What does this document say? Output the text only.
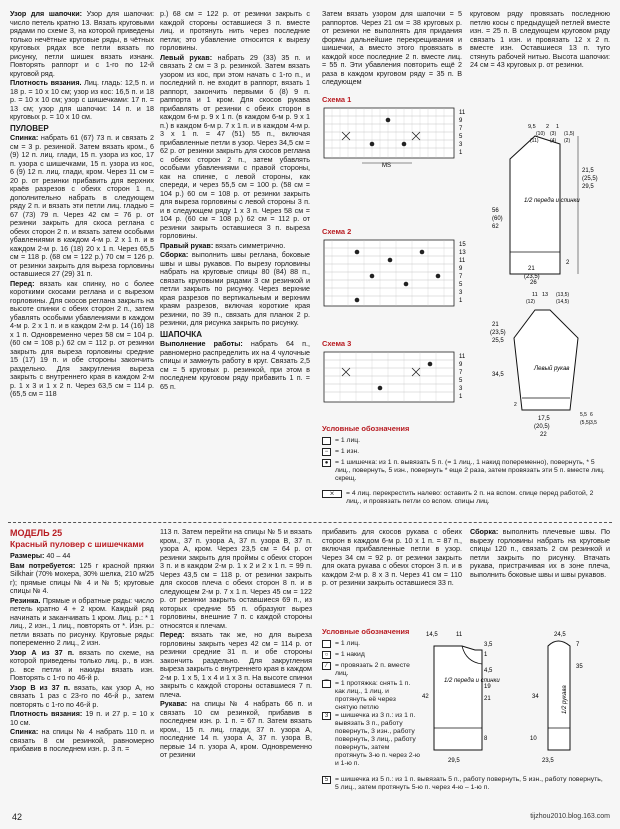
Узор для шапочки: Узор для шапочки: число петель кратно 13. Вязать круговыми рядами по схеме 3, на которой приведены только нечётные круговые ряды, в чётных круговых рядах все петли вязать по рисунку, петли шишек вязать изнанк. Повторять раппорт и с 1-го по 12-й круговой ряд.

Плотность вязания. Лиц. гладь: 12,5 п. и 18 р. = 10 х 10 см; узор из кос: 16,5 п. и 18 р. = 10 х 10 см; узор с шишечками: 17 п. = 13 см; узор для шапочки: 14 п. и 18 круговых р. = 10 х 10 см.

ПУЛОВЕР

Спинка: набрать 61 (67) 73 п. и связать 2 см = 3 р. резинкой. Затем вязать кром., 6 (9) 12 п. лиц. глади, 15 п. узора из кос, 17 п. узора с шишечками, 15 п. узора из кос, 6 (9) 12 п. лиц. глади, кром. Через 11 см = 20 р. от резинки прибавить для верхних краёв разрезов с обеих сторон 1 п., дополнительно набрать в следующем ряду 2 п. и вязать эти петли лиц. гладью = 67 (73) 79 п. Через 42 см = 76 р. от резинки закрыть для скоса реглана с обеих сторон 2 п. и вязать затем особыми убавлениями в каждом 4-м р. 2 х 1 п. и в каждом 2-м р. 16 (18) 20 х 1 п. Через 65,5 см = 118 р. (68 см = 122 р.) 70 см = 126 р. от резинки закрыть для выреза горловины оставшиеся 27 (29) 31 п.

Перед: вязать как спинку, но с более короткими скосами реглана и с вырезом горловины. Для скосов реглана закрыть на высоте спинки с обеих сторон 2 п., затем убавлять особыми убавлениями в каждом 4-м р. 2 х 1 п. и в каждом 2-м р. 14 (16) 18 х 1 п. Одновременно через 58 см = 104 р. (60 см = 108 р.) 62 см = 112 р. от резинки закрыть для выреза горловины средние 15 (17) 19 п. и обе стороны закончить раздельно. Для закругления выреза закрыть с внутреннего края в каждом 2-м р. 1 х 3 и 1 х 2 п. Через 63,5 см = 114 р. (65,5 см = 118

р.) 68 см = 122 р. от резинки закрыть с каждой стороны оставшиеся 3 п. вместе лиц. и протянуть нить через последние петли; это убавление относится к вырезу горловины.

Левый рукав: набрать 29 (33) 35 п. и связать 2 см = 3 р. резинкой. Затем вязать узором из кос, при этом начать с 1-го п., и последний п. не входит в раппорт, вязать 1 раппорт, закончить первыми 6 (8) 9 п. раппорта и 1 кром. Для скосов рукава прибавлять от резинки с обеих сторон в каждом 6-м р. 9 х 1 п. (в каждом 6-м р. 9 х 1 п.) в каждом 6-м р. 7 х 1 п. и в каждом 4-м р. 3 х 1 п. = 47 (51) 55 п., включая прибавленные петли в узор. Через 34,5 см = 62 р. от резинки закрыть для скосов реглана с обеих сторон 2 п., затем убавлять особыми убавлениями с правой стороны, как на спинке, с левой стороны, как спереди, и через 55,5 см = 100 р. (58 см = 104 р.) 60 см = 108 р. от резинки закрыть для выреза горловины с левой стороны 3 п. и в следующем ряду 1 х 3 п. Через 58 см = 104 р. (60 см = 108 р.) 62 см = 112 р. от резинки закрыть оставшиеся 3 п. выреза горловины.

Правый рукав: вязать симметрично.

Сборка: выполнить швы реглана, боковые швы и швы рукавов. По вырезу горловины набрать на круговые спицы 80 (84) 88 п., связать круговыми рядами 3 см резинкой и петли закрыть по рисунку. Через верхние края разрезов по вертикальным и верхним краям разрезов, включая короткие края резинки, по 39 п., связать для планок 2 р. резинки, для рисунка закрыть по рисунку.

ШАПОЧКА

Выполнение работы: набрать 64 п., равномерно распределить их на 4 чулочные спицы и замкнуть работу в круг. Связать 2,5 см = 5 круговых р. резинкой, при этом в последнем круговом ряду прибавить 1 п. = 65 п.

Затем вязать узором для шапочки = 5 раппортов. Через 21 см = 38 круговых р. от резинки не выполнять для придания формы дальнейшие перекрещивания и шишечки, а вместо этого провязать в каждой косе последние 2 п. вместе лиц. = 55 п. Эти убавления повторить ещё 2 раза в каждом круговом ряду = 35 п. В следующем

круговом ряду провязать последнюю петлю косы с предыдущей петлей вместе изн. = 25 п. В следующем круговом ряду связать 1 изн. и провязать 12 х 2 п. вместе изн. Оставшиеся 13 п. туго стянуть рабочей нитью. Высота шапочки: 24 см = 43 круговых р. от резинки.

Схема 1
MS
11
9
7
5
3
1
Схема 2
15
13
11
9
7
5
3
1
Схема 3
11
9
7
5
3
1
Условные обозначения
= 1 лиц.
− = 1 изн.
● = 1 шишечка: из 1 п. вывязать 5 п. (= 1 лиц., 1 накид попеременно), повернуть, * 5 лиц., повернуть, 5 изн., повернуть * еще 2 раза, затем провязать эти 5 п. вместе лиц. скрещ.
⨯	= 4 лиц. перекрестить налево: оставить 2 п. на вспом. спице перед работой, 2 лиц., и провязать петли со вспом. спицы лиц.
1/2 переда и спинки
9,5 2 1
(10) (3) (1,5)
(11) (4) (2)
21,5
(25,5)
29,5
56
(60)
62
2
21
(23,5)
26
Левый рукав
11
(12)
13 (13,5)
(14,5)
21
(23,5)
25,5
34,5
17,5
(20,5)
22
2
5,5
(5,5)
6
3,5

МОДЕЛЬ 25

Красный пуловер с шишечками

Размеры: 40 – 44

Вам потребуется: 125 г красной пряжи Silkhair (70% мохера, 30% шелка, 210 м/25 г); прямые спицы № 4 и № 5; круговые спицы № 4.

Резинка. Прямые и обратные ряды: число петель кратно 4 + 2 кром. Каждый ряд начинать и заканчивать 1 кром. Лиц. р.: * 1 лиц., 2 изн., 1 лиц., повторять от *. Изн. р.: петли вязать по рисунку. Круговые ряды: попеременно 2 лиц., 2 изн.

Узор А из 37 п. вязать по схеме, на которой приведены только лиц. р., в изн. р. все петли и накиды вязать изн. Повторять с 1-го по 46-й р.

Узор В из 37 п. вязать, как узор А, но связать 1 раз с 23-го по 46-й р., затем повторять с 1-го по 46-й р.

Плотность вязания: 19 п. и 27 р. = 10 х 10 см.

Спинка: на спицы № 4 набрать 110 п. и связать 8 см резинкой, равномерно прибавив в последнем изн. р. 3 п. =

113 п. Затем перейти на спицы № 5 и вязать кром., 37 п. узора А, 37 п. узора В, 37 п. узора А, кром. Через 23,5 см = 64 р. от резинки закрыть для проймы с обеих сторон 3 п. и в каждом 2-м р. 1 х 2 и 2 х 1 п. = 99 п. Через 43,5 см = 118 р. от резинки закрыть для скосов плеча с обеих сторон 8 п. и в следующем 2-м р. 7 х 1 п. Через 45 см = 122 р. от резинки закрыть оставшиеся 69 п., из которых средние 55 п. образуют вырез горловины, внешние 7 п. с каждой стороны относятся к плечам.

Перед: вязать так же, но для выреза горловины закрыть через 42 см = 114 р. от резинки средние 31 п. и обе стороны закончить раздельно. Для закругления выреза закрыть с внутреннего края в каждом 2-м р. 1 х 5, 1 х 4 и 1 х 3 п. На высоте спинки закрыть с каждой стороны оставшиеся 7 п. плеча.

Рукава: на спицы № 4 набрать 66 п. и связать 10 см резинкой, прибавив в последнем изн. р. 1 п. = 67 п. Затем вязать кром., 15 п. лиц. глади, 37 п. узора А, последние 14 п. узора А, 37 п. узора В, первые 14 п. узора А, кром. Одновременно от резинки

прибавить для скосов рукава с обеих сторон в каждом 6-м р. 10 х 1 п. = 87 п., включая прибавленные петли в узор. Через 34 см = 92 р. от резинки закрыть для оката рукава с обеих сторон 3 п. и в каждом 2-м р. 8 х 3 п. Через 41 см = 110 р. от резинки закрыть оставшиеся 33 п.

Сборка: выполнить плечевые швы. По вырезу горловины набрать на круговые спицы 120 п., связать 2 см резинкой и петли закрыть по рисунку. Втачать рукава, пристрачивая их в зоне плеча, выполнить боковые швы и швы рукавов.

Условные обозначения
= 1 лиц.
○ = 1 накид
⁄	= провязать 2 п. вместе лиц.
⁀ = 1 протяжка: снять 1 п. как лиц., 1 лиц. и протянуть её через снятую петлю
3	= шишечка из 3 п.: из 1 п. вывязать 3 п., работу повернуть, 3 изн., работу повернуть, 3 лиц., работу повернуть, затем протянуть 3-ю п. через 2-ю и 1-ю п.
5	= шишечка из 5 п.: из 1 п. вывязать 5 п., работу повернуть, 5 изн., работу повернуть, 5 лиц., затем протянуть 5-ю п. через 4-ю – 1-ю п.
1/2 переда и спинки
1/2 рукава
14,5	11
3,5
1
4,5
19
21
42
8	10
29,5	23,5
34
24,5
35
7
42	tijzhou2010.blog.163.com
